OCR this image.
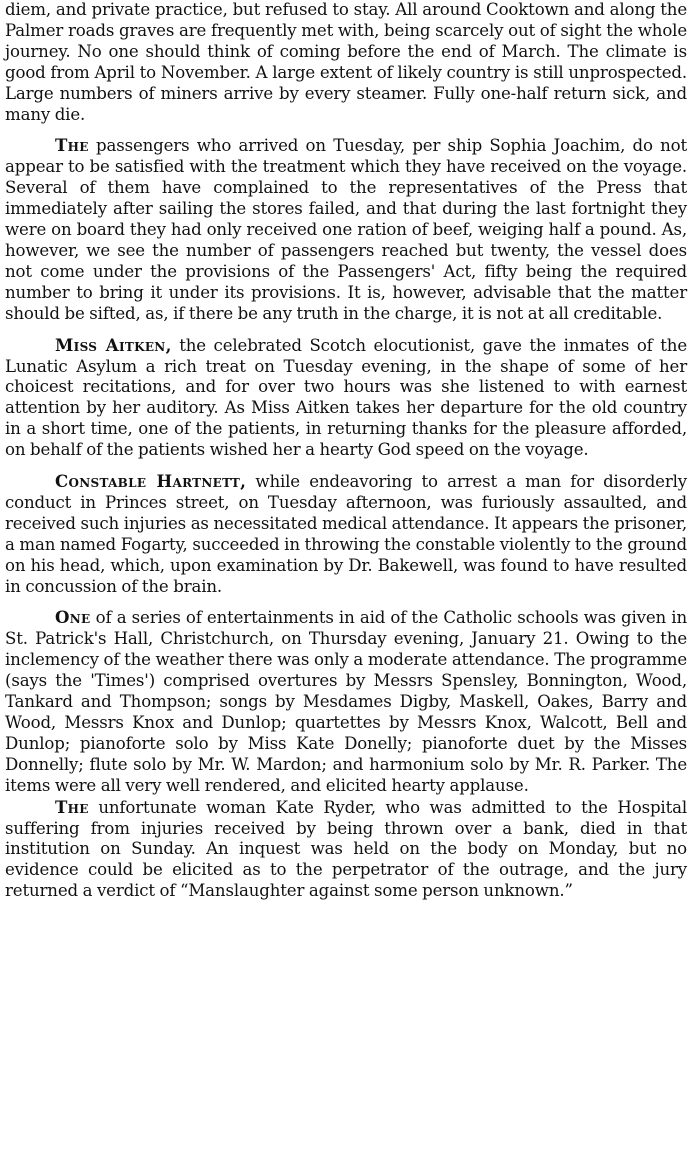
diem, and private practice, but refused to stay. All around Cooktown and along the Palmer roads graves are frequently met with, being scarcely out of sight the whole journey. No one should think of coming before the end of March. The climate is good from April to November. A large extent of likely country is still unprospected. Large numbers of miners arrive by every steamer. Fully one-half return sick, and many die.

The passengers who arrived on Tuesday, per ship Sophia Joachim, do not appear to be satisfied with the treatment which they have received on the voyage. Several of them have complained to the representatives of the Press that immediately after sailing the stores failed, and that during the last fortnight they were on board they had only received one ration of beef, weiging half a pound. As, however, we see the number of passengers reached but twenty, the vessel does not come under the provisions of the Passengers' Act, fifty being the required number to bring it under its provisions. It is, however, advisable that the matter should be sifted, as, if there be any truth in the charge, it is not at all creditable.

Miss Aitken, the celebrated Scotch elocutionist, gave the inmates of the Lunatic Asylum a rich treat on Tuesday evening, in the shape of some of her choicest recitations, and for over two hours was she listened to with earnest attention by her auditory. As Miss Aitken takes her departure for the old country in a short time, one of the patients, in returning thanks for the pleasure afforded, on behalf of the patients wished her a hearty God speed on the voyage.

Constable Hartnett, while endeavoring to arrest a man for disorderly conduct in Princes street, on Tuesday afternoon, was furiously assaulted, and received such injuries as necessitated medical attendance. It appears the prisoner, a man named Fogarty, succeeded in throwing the constable violently to the ground on his head, which, upon examination by Dr. Bakewell, was found to have resulted in concussion of the brain.

One of a series of entertainments in aid of the Catholic schools was given in St. Patrick's Hall, Christchurch, on Thursday evening, January 21. Owing to the inclemency of the weather there was only a moderate attendance. The programme (says the 'Times') comprised overtures by Messrs Spensley, Bonnington, Wood, Tankard and Thompson; songs by Mesdames Digby, Maskell, Oakes, Barry and Wood, Messrs Knox and Dunlop; quartettes by Messrs Knox, Walcott, Bell and Dunlop; pianoforte solo by Miss Kate Donelly; pianoforte duet by the Misses Donnelly; flute solo by Mr. W. Mardon; and harmonium solo by Mr. R. Parker. The items were all very well rendered, and elicited hearty applause.

The unfortunate woman Kate Ryder, who was admitted to the Hospital suffering from injuries received by being thrown over a bank, died in that institution on Sunday. An inquest was held on the body on Monday, but no evidence could be elicited as to the perpetrator of the outrage, and the jury returned a verdict of “Manslaughter against some person unknown.”
